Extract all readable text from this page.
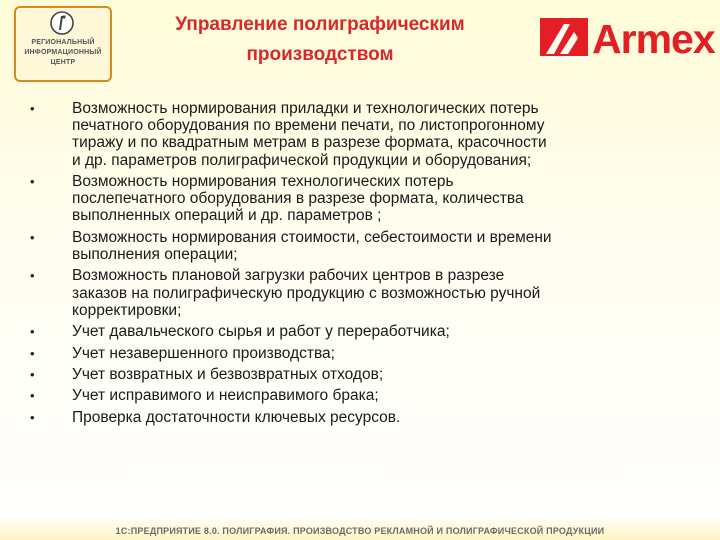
РЕГИОНАЛЬНЫЙ
ИНФОРМАЦИОННЫЙ
ЦЕНТР
Управление полиграфическим
производством	Armex
• Возможность нормирования приладки и технологических потерь
печатного оборудования по времени печати, по листопрогонному
тиражу и по квадратным метрам в разрезе формата, красочности
и др. параметров полиграфической продукции и оборудования;
• Возможность нормирования технологических потерь
послепечатного оборудования в разрезе формата, количества
выполненных операций и др. параметров ;
• Возможность нормирования стоимости, себестоимости и времени
выполнения операции;
• Возможность плановой загрузки рабочих центров в разрезе
заказов на полиграфическую продукцию с возможностью ручной
корректировки;
• Учет давальческого сырья и работ у переработчика;
• Учет незавершенного производства;
• Учет возвратных и безвозвратных отходов;
• Учет исправимого и неисправимого брака;
• Проверка достаточности ключевых ресурсов.
1С:ПРЕДПРИЯТИЕ 8.0. ПОЛИГРАФИЯ. ПРОИЗВОДСТВО РЕКЛАМНОЙ И ПОЛИГРАФИЧЕСКОЙ ПРОДУКЦИИ
